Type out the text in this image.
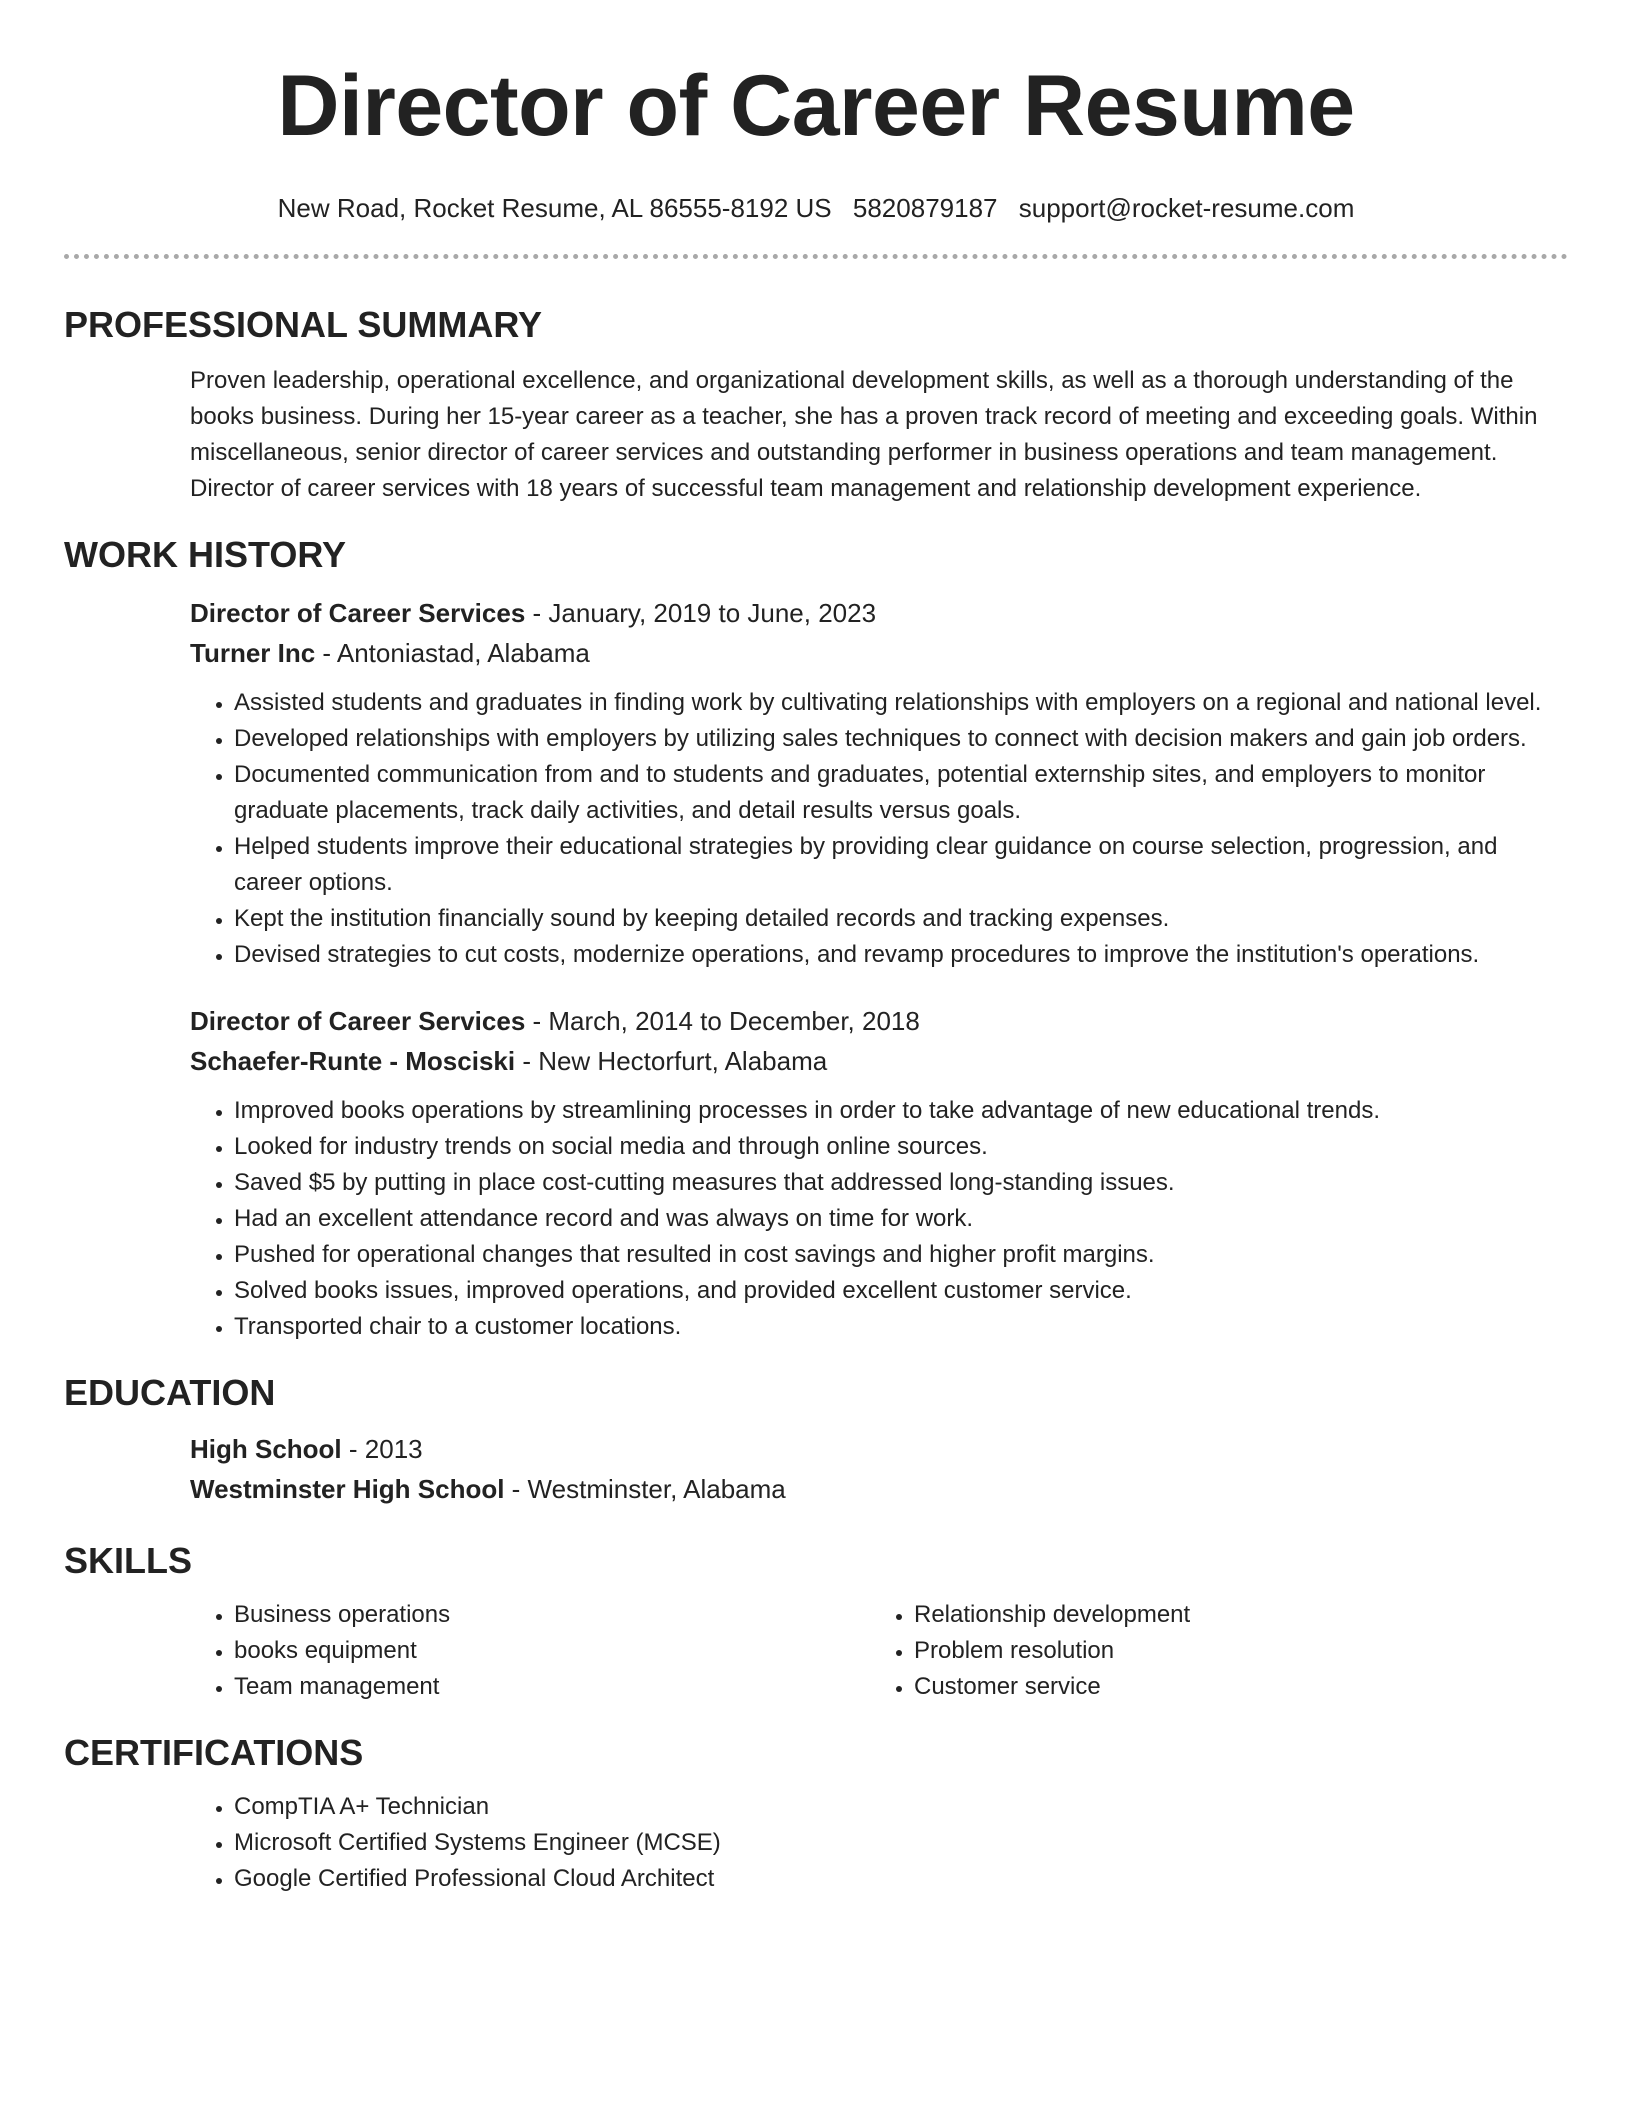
Director of Career Resume
New Road, Rocket Resume, AL 86555-8192 US 5820879187 support@rocket-resume.com
PROFESSIONAL SUMMARY

Proven leadership, operational excellence, and organizational development skills, as well as a thorough understanding of the books business. During her 15-year career as a teacher, she has a proven track record of meeting and exceeding goals. Within miscellaneous, senior director of career services and outstanding performer in business operations and team management. Director of career services with 18 years of successful team management and relationship development experience.

WORK HISTORY
Director of Career Services - January, 2019 to June, 2023
Turner Inc - Antoniastad, Alabama
• Assisted students and graduates in finding work by cultivating relationships with employers on a regional and national level.
• Developed relationships with employers by utilizing sales techniques to connect with decision makers and gain job orders.
• Documented communication from and to students and graduates, potential externship sites, and employers to monitor graduate placements, track daily activities, and detail results versus goals.
• Helped students improve their educational strategies by providing clear guidance on course selection, progression, and career options.
• Kept the institution financially sound by keeping detailed records and tracking expenses.
• Devised strategies to cut costs, modernize operations, and revamp procedures to improve the institution's operations.
Director of Career Services - March, 2014 to December, 2018
Schaefer-Runte - Mosciski - New Hectorfurt, Alabama
• Improved books operations by streamlining processes in order to take advantage of new educational trends.
• Looked for industry trends on social media and through online sources.
• Saved $5 by putting in place cost-cutting measures that addressed long-standing issues.
• Had an excellent attendance record and was always on time for work.
• Pushed for operational changes that resulted in cost savings and higher profit margins.
• Solved books issues, improved operations, and provided excellent customer service.
• Transported chair to a customer locations.
EDUCATION
High School - 2013
Westminster High School - Westminster, Alabama
SKILLS
• Business operations
• books equipment
• Team management
• Relationship development
• Problem resolution
• Customer service
CERTIFICATIONS
• CompTIA A+ Technician
• Microsoft Certified Systems Engineer (MCSE)
• Google Certified Professional Cloud Architect
